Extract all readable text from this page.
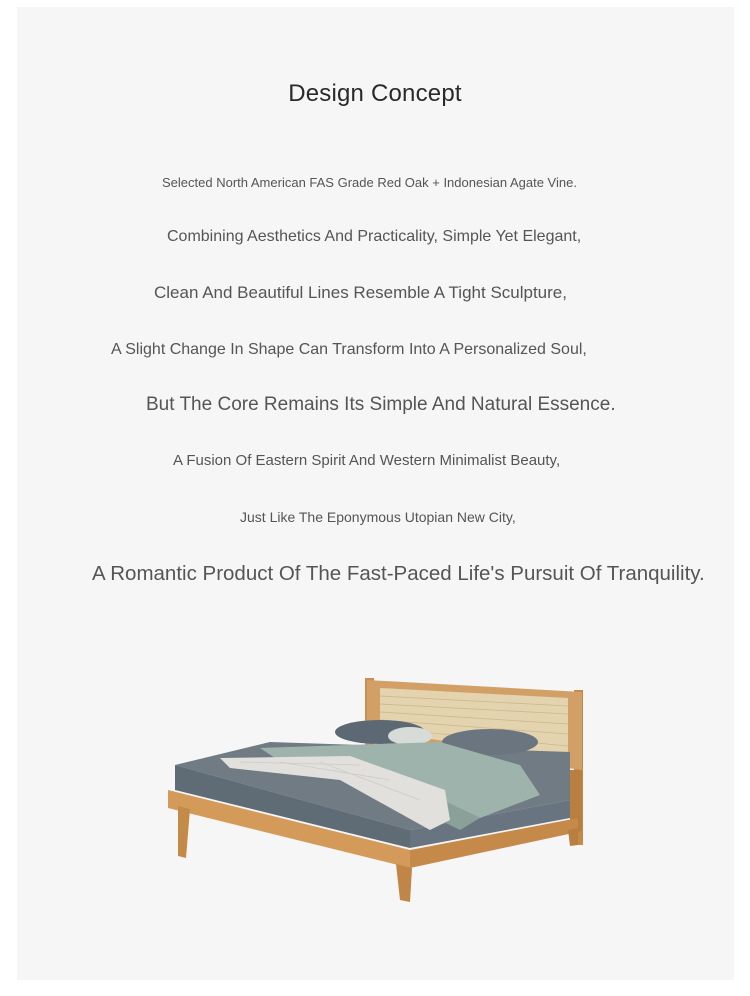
Design Concept
Selected North American FAS Grade Red Oak + Indonesian Agate Vine.
Combining Aesthetics And Practicality, Simple Yet Elegant,
Clean And Beautiful Lines Resemble A Tight Sculpture,
A Slight Change In Shape Can Transform Into A Personalized Soul,
But The Core Remains Its Simple And Natural Essence.
A Fusion Of Eastern Spirit And Western Minimalist Beauty,
Just Like The Eponymous Utopian New City,
A Romantic Product Of The Fast-Paced Life's Pursuit Of Tranquility.
